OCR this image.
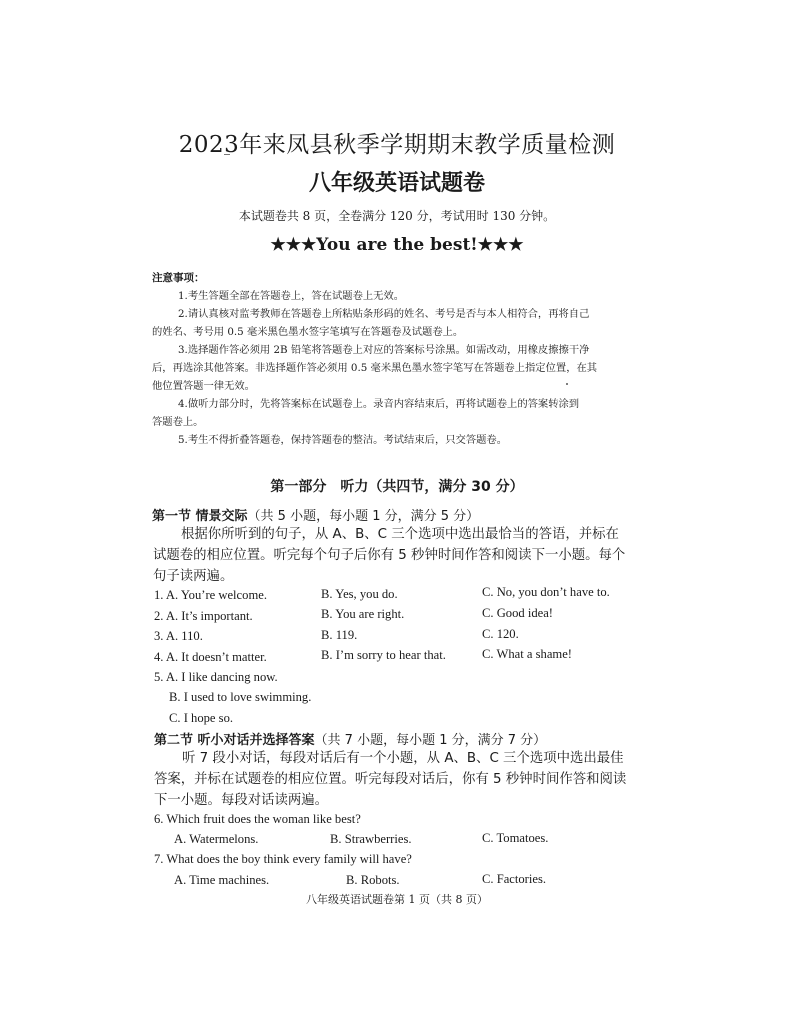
2023年来凤县秋季学期期末教学质量检测
八年级英语试题卷
本试题卷共 8 页，全卷满分 120 分，考试用时 130 分钟。
★★★You are the best!★★★
注意事项：
1.考生答题全部在答题卷上，答在试题卷上无效。
2.请认真核对监考教师在答题卷上所粘贴条形码的姓名、考号是否与本人相符合，再将自己
的姓名、考号用 0.5 毫米黑色墨水签字笔填写在答题卷及试题卷上。
3.选择题作答必须用 2B 铅笔将答题卷上对应的答案标号涂黑。如需改动，用橡皮擦擦干净
后，再选涂其他答案。非选择题作答必须用 0.5 毫米黑色墨水签字笔写在答题卷上指定位置，在其
他位置答题一律无效。
4.做听力部分时，先将答案标在试题卷上。录音内容结束后，再将试题卷上的答案转涂到
答题卷上。
5.考生不得折叠答题卷，保持答题卷的整洁。考试结束后，只交答题卷。
第一部分　听力（共四节，满分 30 分）
第一节 情景交际（共 5 小题，每小题 1 分，满分 5 分）
根据你所听到的句子，从 A、B、C 三个选项中选出最恰当的答语，并标在
试题卷的相应位置。听完每个句子后你有 5 秒钟时间作答和阅读下一小题。每个
句子读两遍。
1. A. You’re welcome.	B. Yes, you do.	C. No, you don’t have to.
2. A. It’s important.	B. You are right.	C. Good idea!
3. A. 110.	B. 119.	C. 120.
4. A. It doesn’t matter.	B. I’m sorry to hear that.	C. What a shame!
5. A. I like dancing now.
B. I used to love swimming.
C. I hope so.
第二节 听小对话并选择答案（共 7 小题，每小题 1 分，满分 7 分）
听 7 段小对话，每段对话后有一个小题，从 A、B、C 三个选项中选出最佳
答案，并标在试题卷的相应位置。听完每段对话后，你有 5 秒钟时间作答和阅读
下一小题。每段对话读两遍。
6. Which fruit does the woman like best?
A. Watermelons.	B. Strawberries.	C. Tomatoes.
7. What does the boy think every family will have?
A. Time machines.	B. Robots.	C. Factories.
八年级英语试题卷第 1 页（共 8 页）
